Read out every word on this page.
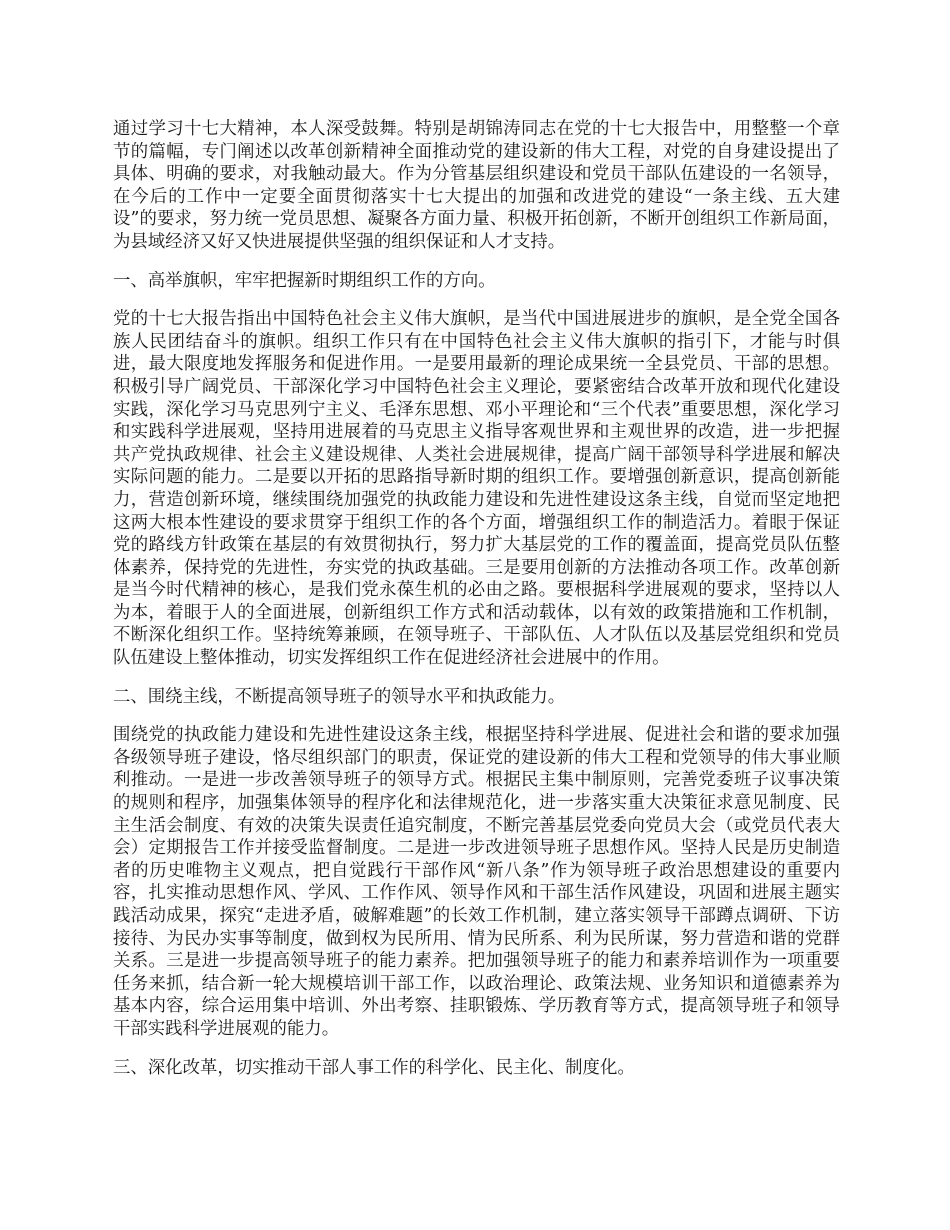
通过学习十七大精神，本人深受鼓舞。特别是胡锦涛同志在党的十七大报告中，用整整一个章节的篇幅，专门阐述以改革创新精神全面推动党的建设新的伟大工程，对党的自身建设提出了具体、明确的要求，对我触动最大。作为分管基层组织建设和党员干部队伍建设的一名领导，在今后的工作中一定要全面贯彻落实十七大提出的加强和改进党的建设“一条主线、五大建设”的要求，努力统一党员思想、凝聚各方面力量、积极开拓创新，不断开创组织工作新局面，为县域经济又好又快进展提供坚强的组织保证和人才支持。

一、高举旗帜，牢牢把握新时期组织工作的方向。

党的十七大报告指出中国特色社会主义伟大旗帜，是当代中国进展进步的旗帜，是全党全国各族人民团结奋斗的旗帜。组织工作只有在中国特色社会主义伟大旗帜的指引下，才能与时俱进，最大限度地发挥服务和促进作用。一是要用最新的理论成果统一全县党员、干部的思想。积极引导广阔党员、干部深化学习中国特色社会主义理论，要紧密结合改革开放和现代化建设实践，深化学习马克思列宁主义、毛泽东思想、邓小平理论和“三个代表”重要思想，深化学习和实践科学进展观，坚持用进展着的马克思主义指导客观世界和主观世界的改造，进一步把握共产党执政规律、社会主义建设规律、人类社会进展规律，提高广阔干部领导科学进展和解决实际问题的能力。二是要以开拓的思路指导新时期的组织工作。要增强创新意识，提高创新能力，营造创新环境，继续围绕加强党的执政能力建设和先进性建设这条主线，自觉而坚定地把这两大根本性建设的要求贯穿于组织工作的各个方面，增强组织工作的制造活力。着眼于保证党的路线方针政策在基层的有效贯彻执行，努力扩大基层党的工作的覆盖面，提高党员队伍整体素养，保持党的先进性，夯实党的执政基础。三是要用创新的方法推动各项工作。改革创新是当今时代精神的核心，是我们党永葆生机的必由之路。要根据科学进展观的要求，坚持以人为本，着眼于人的全面进展，创新组织工作方式和活动载体，以有效的政策措施和工作机制，不断深化组织工作。坚持统筹兼顾，在领导班子、干部队伍、人才队伍以及基层党组织和党员队伍建设上整体推动，切实发挥组织工作在促进经济社会进展中的作用。

二、围绕主线，不断提高领导班子的领导水平和执政能力。

围绕党的执政能力建设和先进性建设这条主线，根据坚持科学进展、促进社会和谐的要求加强各级领导班子建设，恪尽组织部门的职责，保证党的建设新的伟大工程和党领导的伟大事业顺利推动。一是进一步改善领导班子的领导方式。根据民主集中制原则，完善党委班子议事决策的规则和程序，加强集体领导的程序化和法律规范化，进一步落实重大决策征求意见制度、民主生活会制度、有效的决策失误责任追究制度，不断完善基层党委向党员大会（或党员代表大会）定期报告工作并接受监督制度。二是进一步改进领导班子思想作风。坚持人民是历史制造者的历史唯物主义观点，把自觉践行干部作风“新八条”作为领导班子政治思想建设的重要内容，扎实推动思想作风、学风、工作作风、领导作风和干部生活作风建设，巩固和进展主题实践活动成果，探究“走进矛盾，破解难题”的长效工作机制，建立落实领导干部蹲点调研、下访接待、为民办实事等制度，做到权为民所用、情为民所系、利为民所谋，努力营造和谐的党群关系。三是进一步提高领导班子的能力素养。把加强领导班子的能力和素养培训作为一项重要任务来抓，结合新一轮大规模培训干部工作，以政治理论、政策法规、业务知识和道德素养为基本内容，综合运用集中培训、外出考察、挂职锻炼、学历教育等方式，提高领导班子和领导干部实践科学进展观的能力。

三、深化改革，切实推动干部人事工作的科学化、民主化、制度化。
